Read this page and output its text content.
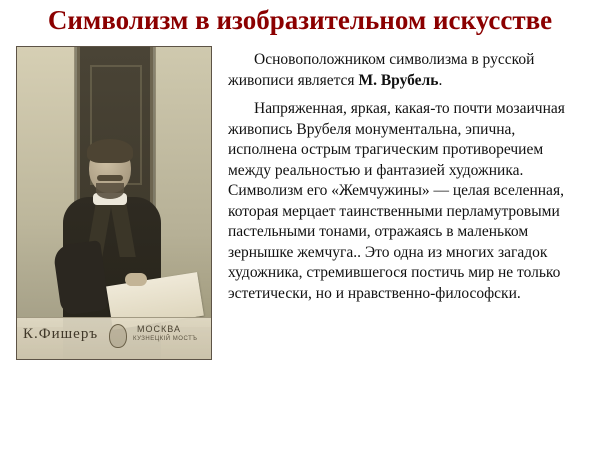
Символизм в изобразительном искусстве
К.Фишеръ	МОСКВА
КУЗНЕЦКIЙ МОСТЪ

Основоположником символизма в русской живописи является М. Врубель.

Напряженная, яркая, какая-то почти мозаичная живопись Врубеля монументальна, эпична, исполнена острым трагическим противоречием между реальностью и фантазией художника. Символизм его «Жемчужины» — целая вселенная, которая мерцает таинственными перламутровыми пастельными тонами, отражаясь в маленьком зернышке жемчуга.. Это одна из многих загадок художника, стремившегося постичь мир не только эстетически, но и нравственно-философски.
